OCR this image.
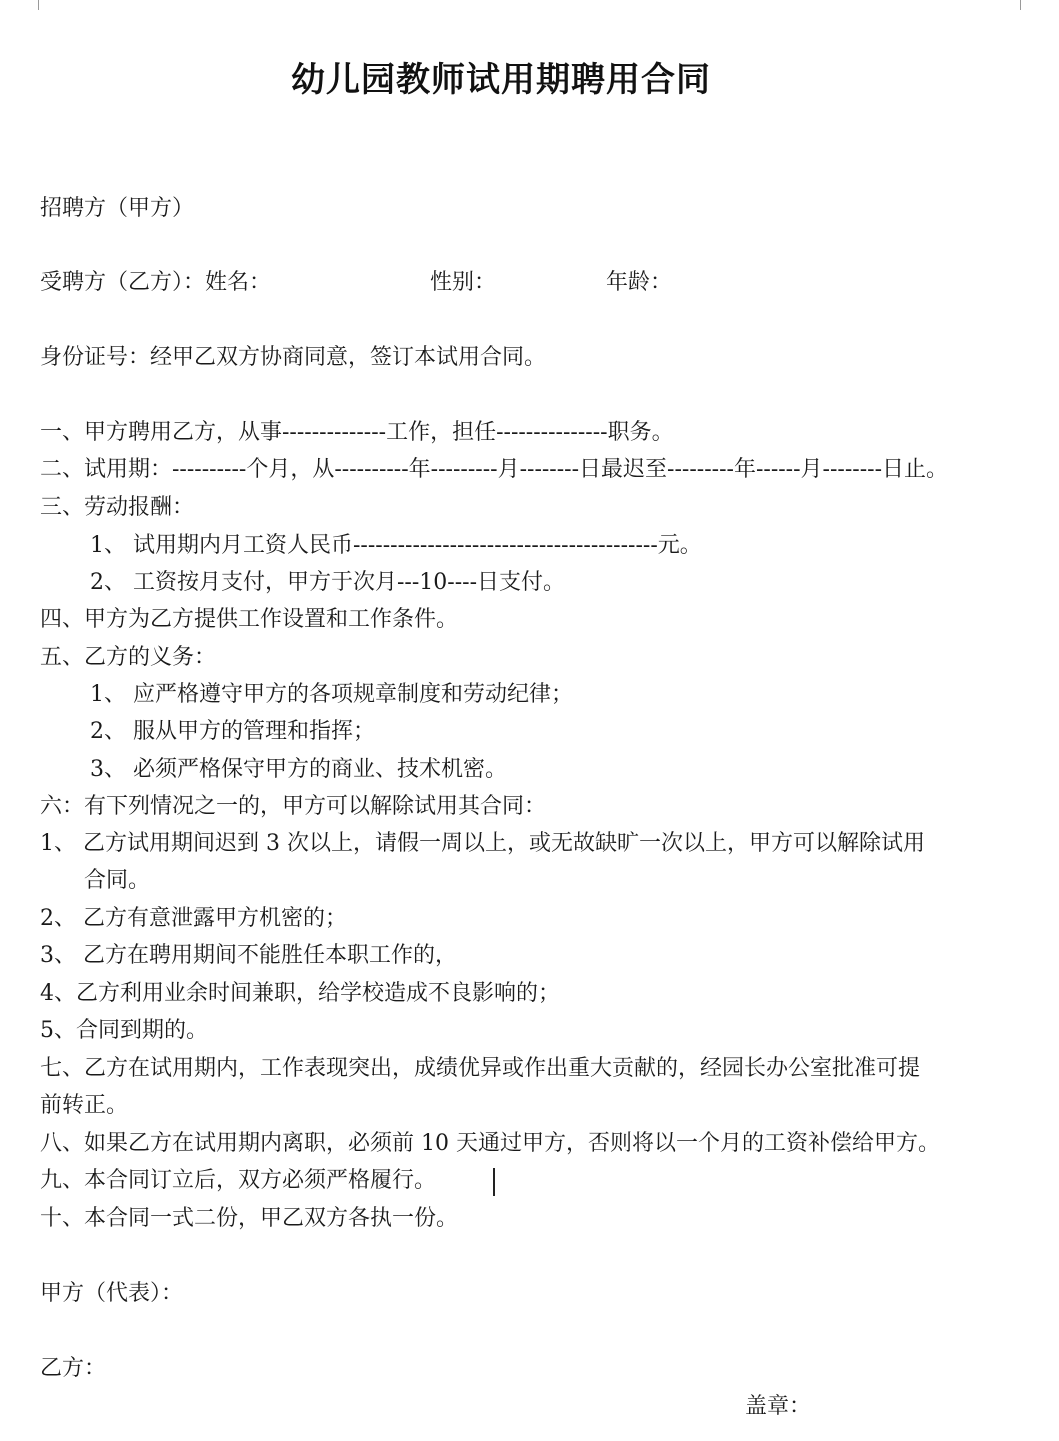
幼儿园教师试用期聘用合同
招聘方（甲方）
受聘方（乙方）：姓名：	性别：	年龄：
身份证号：经甲乙双方协商同意，签订本试用合同。
一、甲方聘用乙方，从事--------------工作，担任---------------职务。
二、试用期：----------个月，从----------年---------月--------日最迟至---------年------月--------日止。
三、劳动报酬：
1、 试用期内月工资人民币-----------------------------------------元。
2、 工资按月支付，甲方于次月---10----日支付。
四、甲方为乙方提供工作设置和工作条件。
五、乙方的义务：
1、 应严格遵守甲方的各项规章制度和劳动纪律；
2、 服从甲方的管理和指挥；
3、 必须严格保守甲方的商业、技术机密。
六：有下列情况之一的，甲方可以解除试用其合同：
1、 乙方试用期间迟到 3 次以上，请假一周以上，或无故缺旷一次以上，甲方可以解除试用
合同。
2、 乙方有意泄露甲方机密的；
3、 乙方在聘用期间不能胜任本职工作的，
4、乙方利用业余时间兼职，给学校造成不良影响的；
5、合同到期的。
七、乙方在试用期内，工作表现突出，成绩优异或作出重大贡献的，经园长办公室批准可提
前转正。
八、如果乙方在试用期内离职，必须前 10 天通过甲方，否则将以一个月的工资补偿给甲方。
九、本合同订立后，双方必须严格履行。
十、本合同一式二份，甲乙双方各执一份。
甲方（代表）：
乙方：
盖章：
